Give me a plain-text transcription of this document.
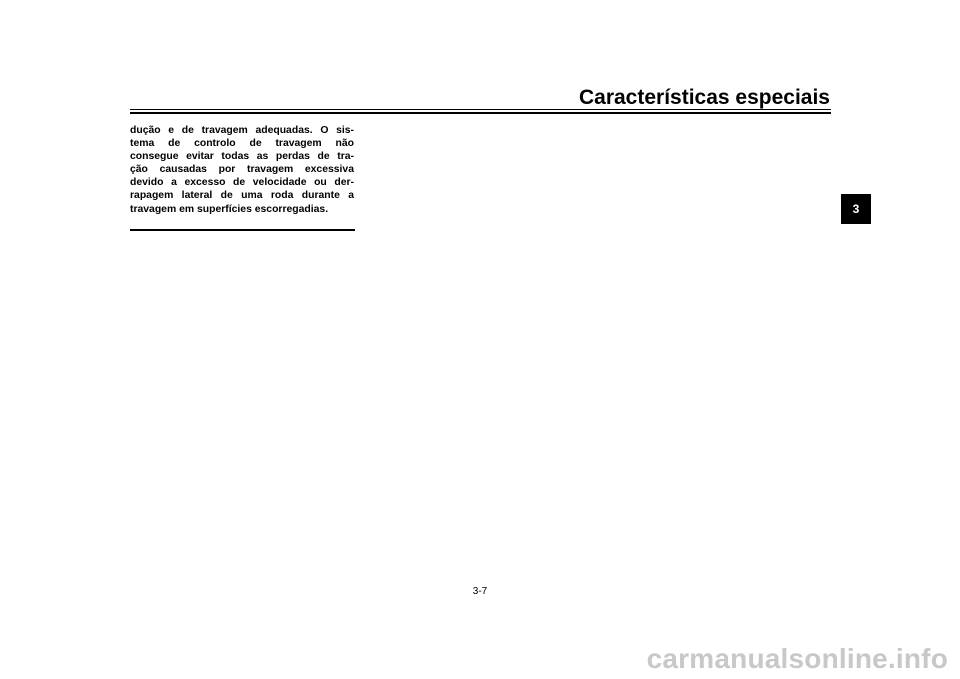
Características especiais
dução e de travagem adequadas. O sis-
tema de controlo de travagem não
consegue evitar todas as perdas de tra-
ção causadas por travagem excessiva
devido a excesso de velocidade ou der-
rapagem lateral de uma roda durante a
travagem em superfícies escorregadias.	3
3-7
carmanualsonline.info
